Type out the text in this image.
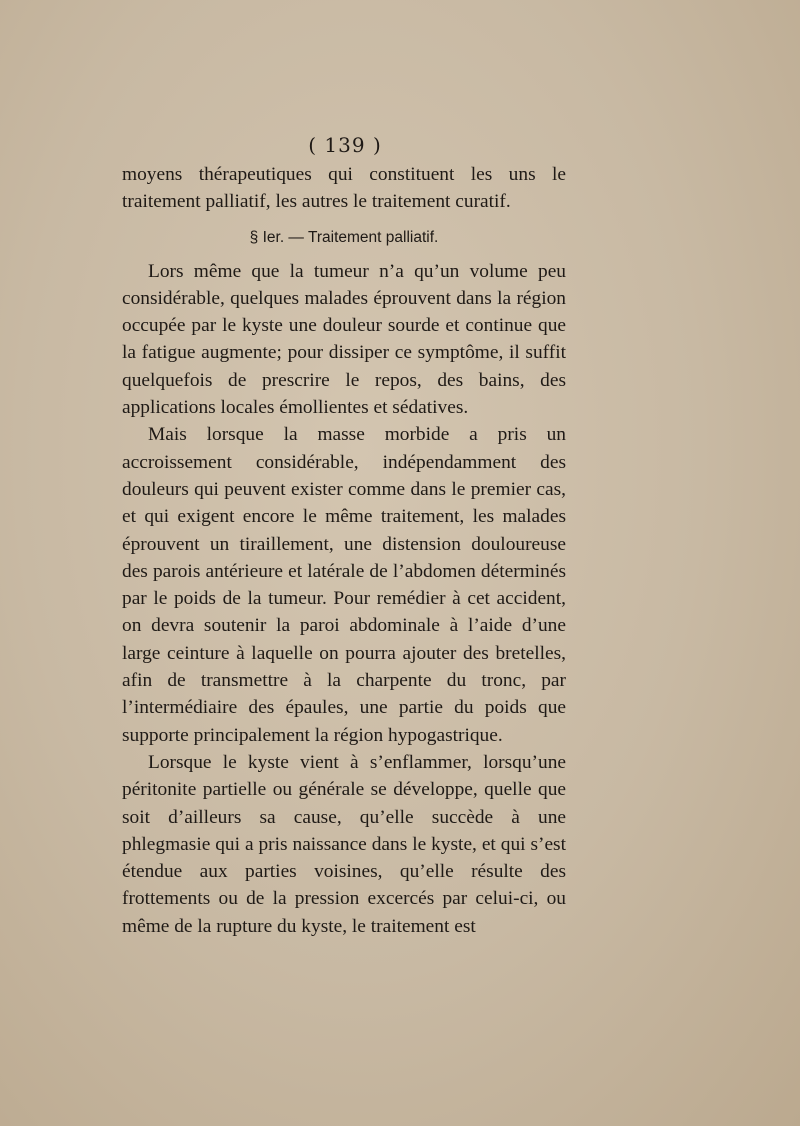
( 139 )

moyens thérapeutiques qui constituent les uns le traitement palliatif, les autres le traitement curatif.

§ Ier. — Traitement palliatif.

Lors même que la tumeur n’a qu’un volume peu considérable, quelques malades éprouvent dans la région occupée par le kyste une douleur sourde et continue que la fatigue augmente; pour dissiper ce symptôme, il suffit quelquefois de prescrire le repos, des bains, des applications locales émollientes et sédatives.

Mais lorsque la masse morbide a pris un accroissement considérable, indépendamment des douleurs qui peuvent exister comme dans le premier cas, et qui exigent encore le même traitement, les malades éprouvent un tiraillement, une distension douloureuse des parois antérieure et latérale de l’abdomen déterminés par le poids de la tumeur. Pour remédier à cet accident, on devra soutenir la paroi abdominale à l’aide d’une large ceinture à laquelle on pourra ajouter des bretelles, afin de transmettre à la charpente du tronc, par l’intermédiaire des épaules, une partie du poids que supporte principalement la région hypogastrique.

Lorsque le kyste vient à s’enflammer, lorsqu’une péritonite partielle ou générale se développe, quelle que soit d’ailleurs sa cause, qu’elle succède à une phlegmasie qui a pris naissance dans le kyste, et qui s’est étendue aux parties voisines, qu’elle résulte des frottements ou de la pression excercés par celui-ci, ou même de la rupture du kyste, le traitement est
